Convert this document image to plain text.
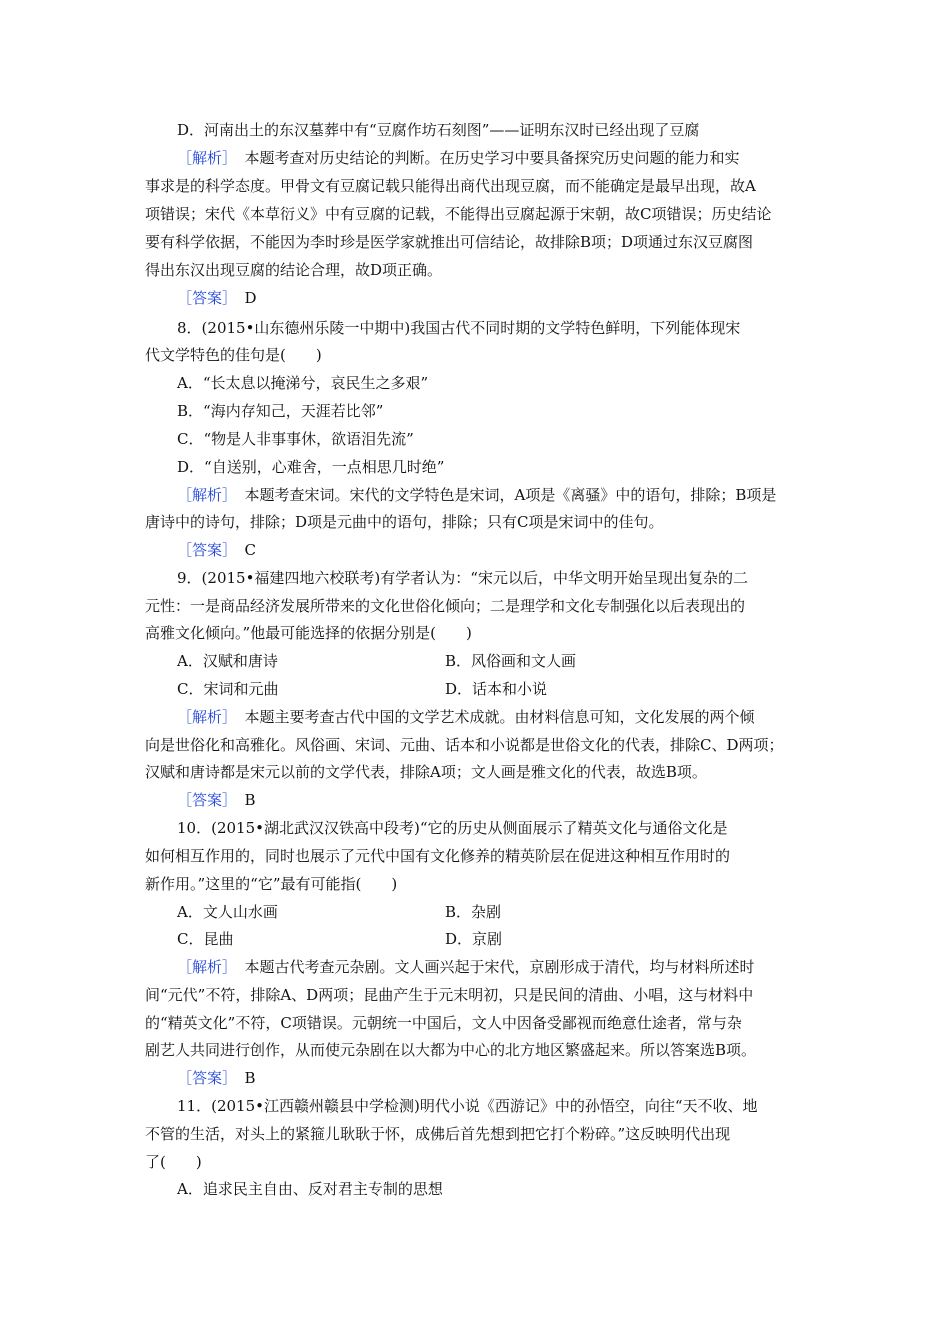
D．河南出土的东汉墓葬中有“豆腐作坊石刻图”——证明东汉时已经出现了豆腐
［解析］　本题考查对历史结论的判断。在历史学习中要具备探究历史问题的能力和实
事求是的科学态度。甲骨文有豆腐记载只能得出商代出现豆腐，而不能确定是最早出现，故A
项错误；宋代《本草衍义》中有豆腐的记载，不能得出豆腐起源于宋朝，故C项错误；历史结论
要有科学依据，不能因为李时珍是医学家就推出可信结论，故排除B项；D项通过东汉豆腐图
得出东汉出现豆腐的结论合理，故D项正确。
［答案］　D
8．(2015•山东德州乐陵一中期中)我国古代不同时期的文学特色鲜明，下列能体现宋
代文学特色的佳句是(　　)
A．“长太息以掩涕兮，哀民生之多艰”
B．“海内存知己，天涯若比邻”
C．“物是人非事事休，欲语泪先流”
D．“自送别，心难舍，一点相思几时绝”
［解析］　本题考查宋词。宋代的文学特色是宋词，A项是《离骚》中的语句，排除；B项是
唐诗中的诗句，排除；D项是元曲中的语句，排除；只有C项是宋词中的佳句。
［答案］　C
9．(2015•福建四地六校联考)有学者认为：“宋元以后，中华文明开始呈现出复杂的二
元性：一是商品经济发展所带来的文化世俗化倾向；二是理学和文化专制强化以后表现出的
高雅文化倾向。”他最可能选择的依据分别是(　　)
A．汉赋和唐诗	B．风俗画和文人画
C．宋词和元曲	D．话本和小说
［解析］　本题主要考查古代中国的文学艺术成就。由材料信息可知，文化发展的两个倾
向是世俗化和高雅化。风俗画、宋词、元曲、话本和小说都是世俗文化的代表，排除C、D两项；
汉赋和唐诗都是宋元以前的文学代表，排除A项；文人画是雅文化的代表，故选B项。
［答案］　B
10．(2015•湖北武汉汉铁高中段考)“它的历史从侧面展示了精英文化与通俗文化是
如何相互作用的，同时也展示了元代中国有文化修养的精英阶层在促进这种相互作用时的
新作用。”这里的“它”最有可能指(　　)
A．文人山水画	B．杂剧
C．昆曲	D．京剧
［解析］　本题古代考查元杂剧。文人画兴起于宋代，京剧形成于清代，均与材料所述时
间“元代”不符，排除A、D两项；昆曲产生于元末明初，只是民间的清曲、小唱，这与材料中
的“精英文化”不符，C项错误。元朝统一中国后，文人中因备受鄙视而绝意仕途者，常与杂
剧艺人共同进行创作，从而使元杂剧在以大都为中心的北方地区繁盛起来。所以答案选B项。
［答案］　B
11．(2015•江西赣州赣县中学检测)明代小说《西游记》中的孙悟空，向往“天不收、地
不管的生活，对头上的紧箍儿耿耿于怀，成佛后首先想到把它打个粉碎。”这反映明代出现
了(　　)
A．追求民主自由、反对君主专制的思想
